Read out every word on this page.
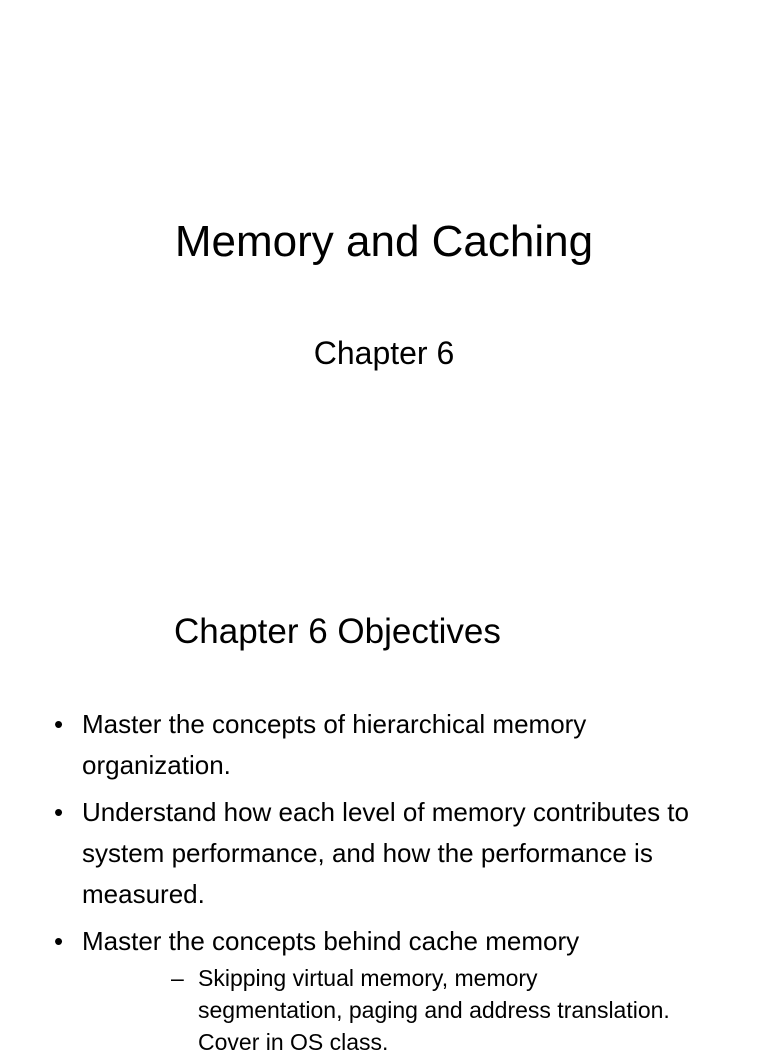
Memory and Caching
Chapter 6
Chapter 6 Objectives
• Master the concepts of hierarchical memory organization.
• Understand how each level of memory contributes to system performance, and how the performance is measured.
• Master the concepts behind cache memory
– Skipping virtual memory, memory segmentation, paging and address translation. Cover in OS class.
